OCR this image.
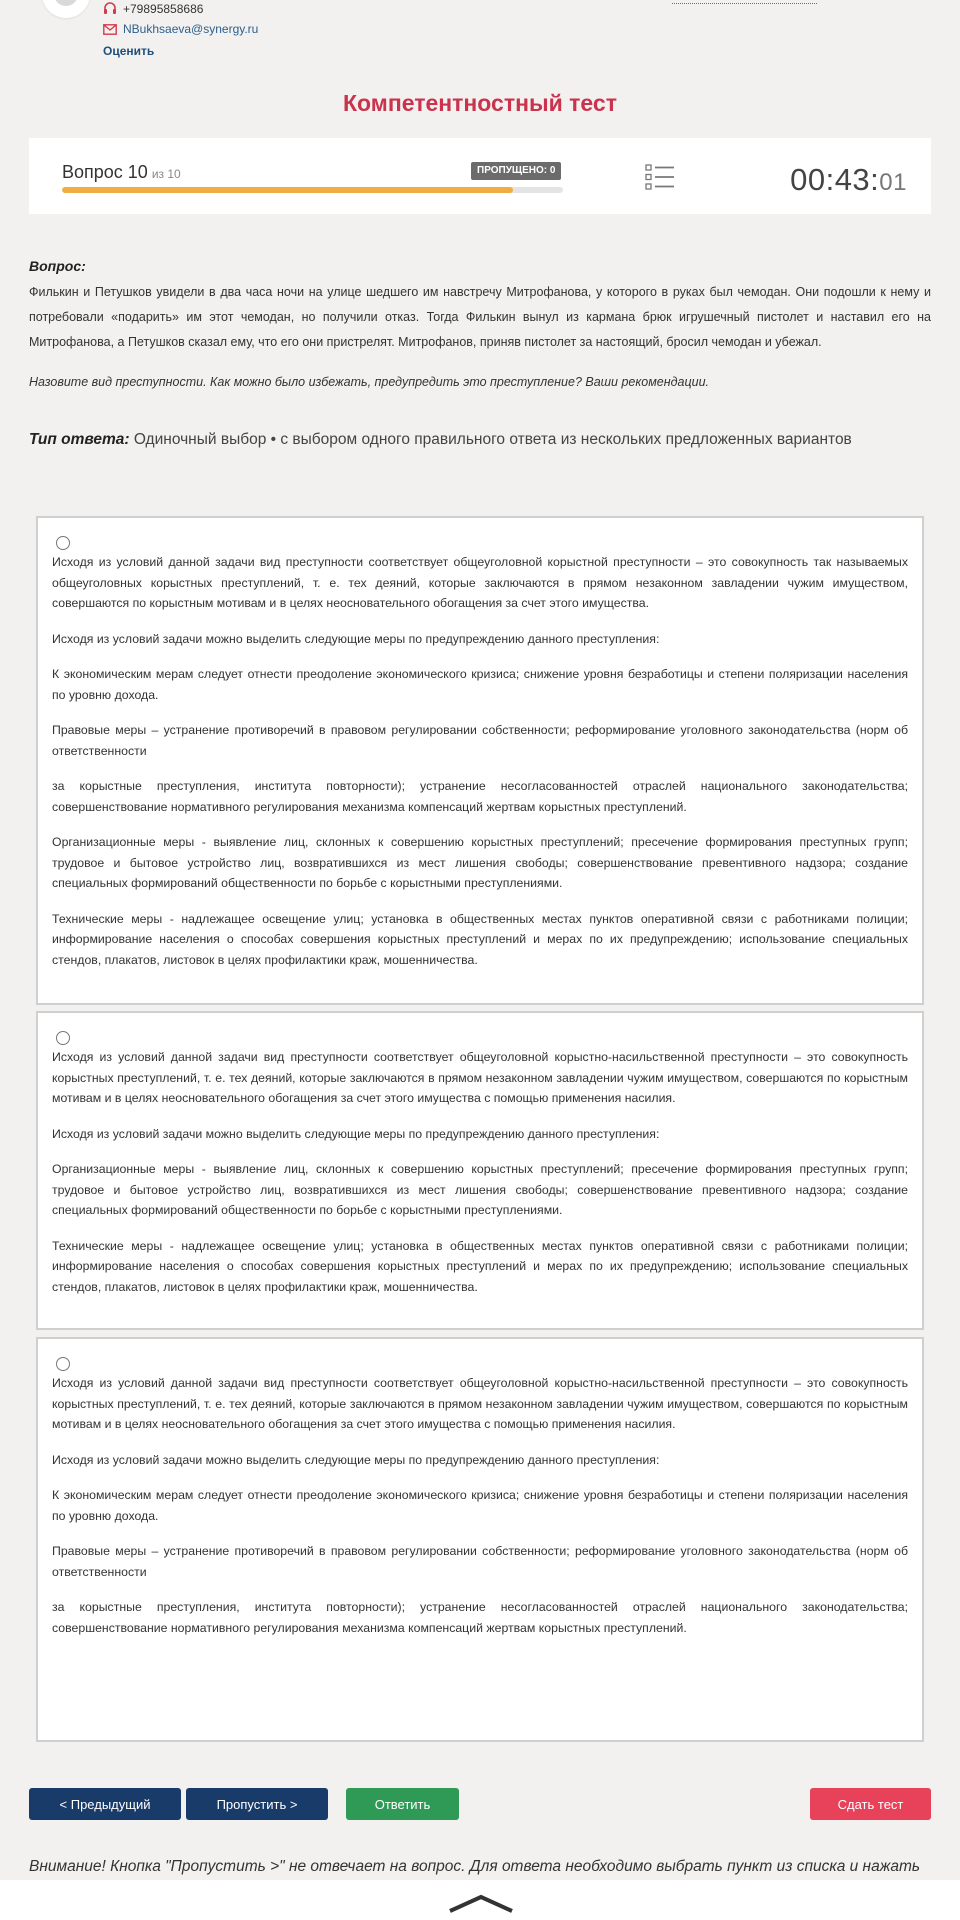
+79895858686
NBukhsaeva@synergy.ru
Оценить
Компетентностный тест
Вопрос 10 из 10	ПРОПУЩЕНО: 0	00:43:01
Вопрос:
Филькин и Петушков увидели в два часа ночи на улице шедшего им навстречу Митрофанова, у которого в руках был чемодан. Они подошли к нему и потребовали «подарить» им этот чемодан, но получили отказ. Тогда Филькин вынул из кармана брюк игрушечный пистолет и наставил его на Митрофанова, а Петушков сказал ему, что его они пристрелят. Митрофанов, приняв пистолет за настоящий, бросил чемодан и убежал.
Назовите вид преступности. Как можно было избежать, предупредить это преступление? Ваши рекомендации.
Тип ответа: Одиночный выбор • с выбором одного правильного ответа из нескольких предложенных вариантов

Исходя из условий данной задачи вид преступности соответствует общеуголовной корыстной преступности – это совокупность так называемых общеуголовных корыстных преступлений, т. е. тех деяний, которые заключаются в прямом незаконном завладении чужим имуществом, совершаются по корыстным мотивам и в целях неосновательного обогащения за счет этого имущества.

Исходя из условий задачи можно выделить следующие меры по предупреждению данного преступления:

К экономическим мерам следует отнести преодоление экономического кризиса; снижение уровня безработицы и степени поляризации населения по уровню дохода.

Правовые меры – устранение противоречий в правовом регулировании собственности; реформирование уголовного законодательства (норм об ответственности

за корыстные преступления, института повторности); устранение несогласованностей отраслей национального законодательства; совершенствование нормативного регулирования механизма компенсаций жертвам корыстных преступлений.

Организационные меры - выявление лиц, склонных к совершению корыстных преступлений; пресечение формирования преступных групп; трудовое и бытовое устройство лиц, возвратившихся из мест лишения свободы; совершенствование превентивного надзора; создание специальных формирований общественности по борьбе с корыстными преступлениями.

Технические меры - надлежащее освещение улиц; установка в общественных местах пунктов оперативной связи с работниками полиции; информирование населения о способах совершения корыстных преступлений и мерах по их предупреждению; использование специальных стендов, плакатов, листовок в целях профилактики краж, мошенничества.

Исходя из условий данной задачи вид преступности соответствует общеуголовной корыстно-насильственной преступности – это совокупность корыстных преступлений, т. е. тех деяний, которые заключаются в прямом незаконном завладении чужим имуществом, совершаются по корыстным мотивам и в целях неосновательного обогащения за счет этого имущества с помощью применения насилия.

Исходя из условий задачи можно выделить следующие меры по предупреждению данного преступления:

Организационные меры - выявление лиц, склонных к совершению корыстных преступлений; пресечение формирования преступных групп; трудовое и бытовое устройство лиц, возвратившихся из мест лишения свободы; совершенствование превентивного надзора; создание специальных формирований общественности по борьбе с корыстными преступлениями.

Технические меры - надлежащее освещение улиц; установка в общественных местах пунктов оперативной связи с работниками полиции; информирование населения о способах совершения корыстных преступлений и мерах по их предупреждению; использование специальных стендов, плакатов, листовок в целях профилактики краж, мошенничества.

Исходя из условий данной задачи вид преступности соответствует общеуголовной корыстно-насильственной преступности – это совокупность корыстных преступлений, т. е. тех деяний, которые заключаются в прямом незаконном завладении чужим имуществом, совершаются по корыстным мотивам и в целях неосновательного обогащения за счет этого имущества с помощью применения насилия.

Исходя из условий задачи можно выделить следующие меры по предупреждению данного преступления:

К экономическим мерам следует отнести преодоление экономического кризиса; снижение уровня безработицы и степени поляризации населения по уровню дохода.

Правовые меры – устранение противоречий в правовом регулировании собственности; реформирование уголовного законодательства (норм об ответственности

за корыстные преступления, института повторности); устранение несогласованностей отраслей национального законодательства; совершенствование нормативного регулирования механизма компенсаций жертвам корыстных преступлений.

< Предыдущий	Пропустить >	Ответить	Сдать тест
Внимание! Кнопка "Пропустить >" не отвечает на вопрос. Для ответа необходимо выбрать пункт из списка и нажать
